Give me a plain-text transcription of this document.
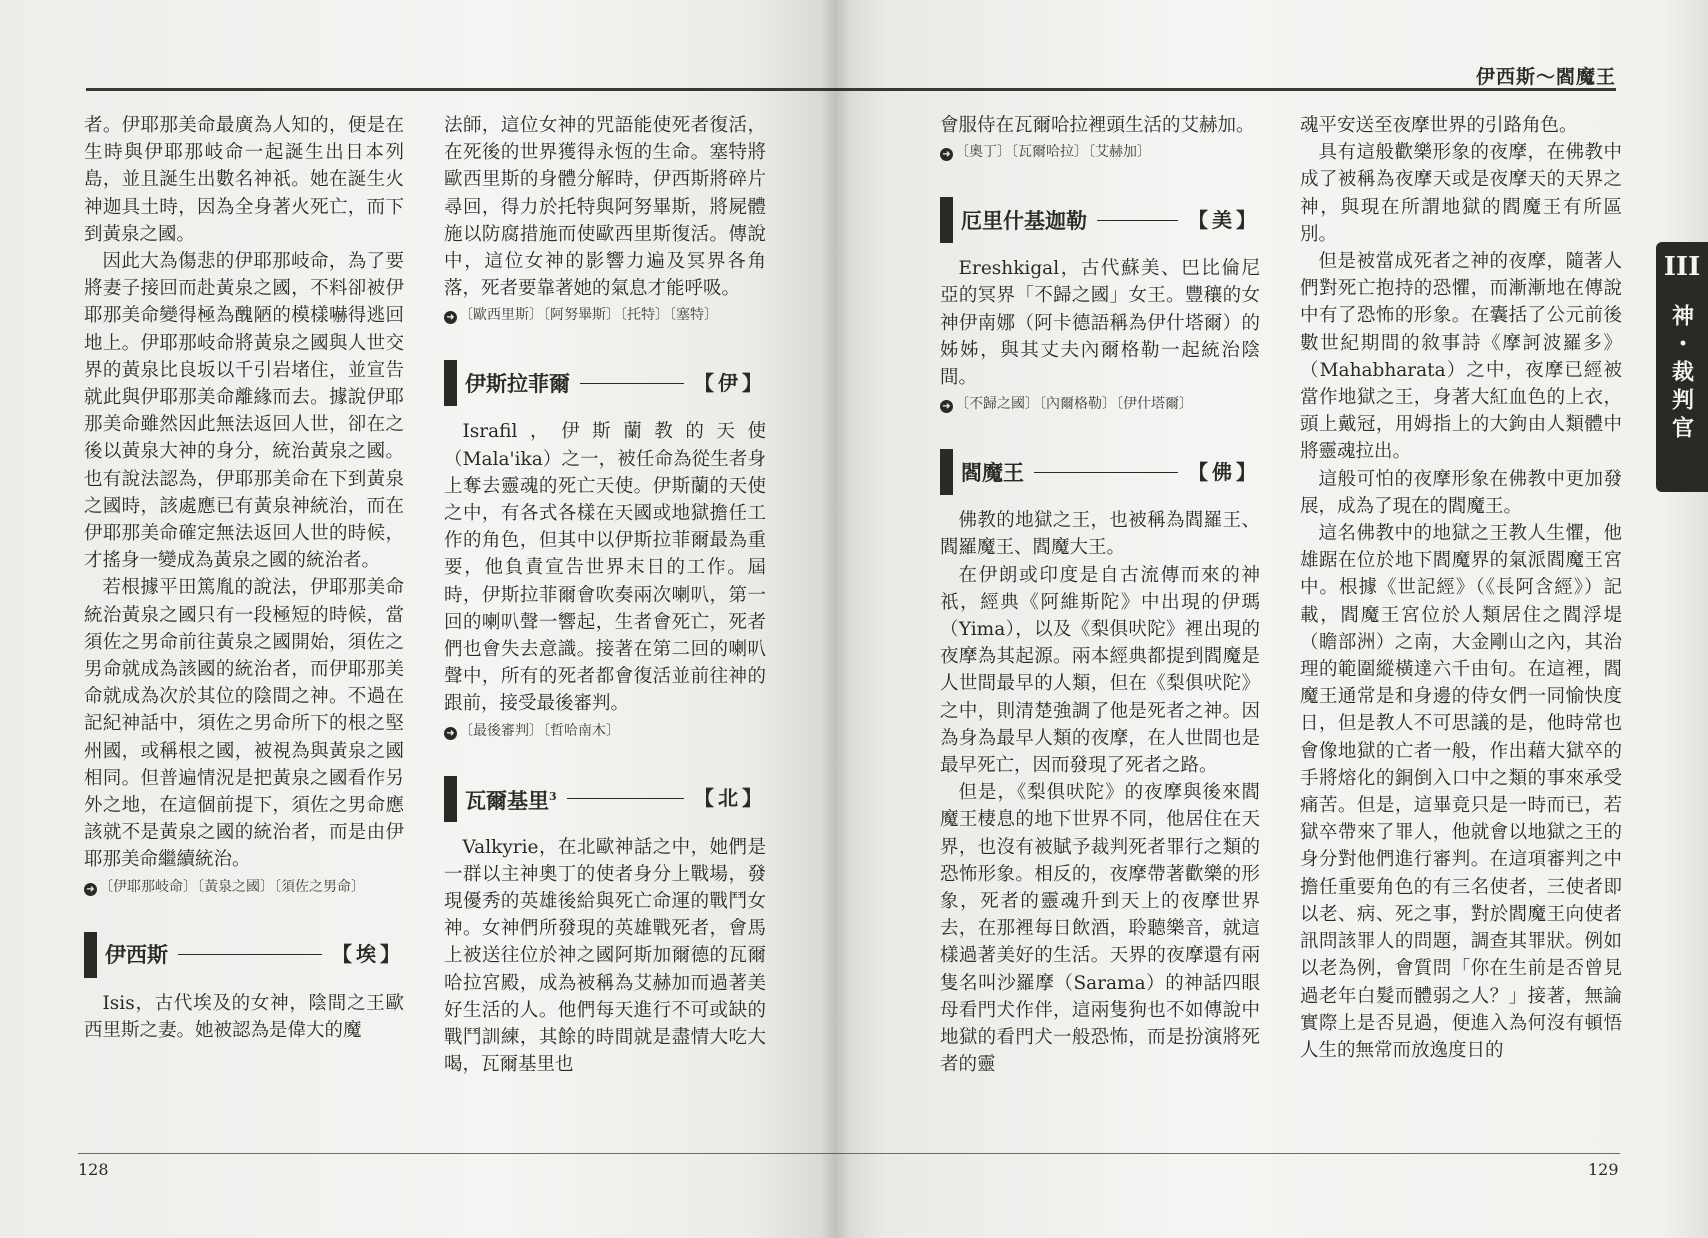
者。伊耶那美命最廣為人知的，便是在生時與伊耶那岐命一起誕生出日本列島，並且誕生出數名神祇。她在誕生火神迦具土時，因為全身著火死亡，而下到黃泉之國。

因此大為傷悲的伊耶那岐命，為了要將妻子接回而赴黃泉之國，不料卻被伊耶那美命變得極為醜陋的模樣嚇得逃回地上。伊耶那岐命將黃泉之國與人世交界的黃泉比良坂以千引岩堵住，並宣告就此與伊耶那美命離緣而去。據說伊耶那美命雖然因此無法返回人世，卻在之後以黃泉大神的身分，統治黃泉之國。也有說法認為，伊耶那美命在下到黃泉之國時，該處應已有黃泉神統治，而在伊耶那美命確定無法返回人世的時候，才搖身一變成為黃泉之國的統治者。

若根據平田篤胤的說法，伊耶那美命統治黃泉之國只有一段極短的時候，當須佐之男命前往黃泉之國開始，須佐之男命就成為該國的統治者，而伊耶那美命就成為次於其位的陰間之神。不過在記紀神話中，須佐之男命所下的根之堅州國，或稱根之國，被視為與黃泉之國相同。但普遍情況是把黃泉之國看作另外之地，在這個前提下，須佐之男命應該就不是黃泉之國的統治者，而是由伊耶那美命繼續統治。

➜ 〔 伊耶那岐命 〕 〔 黃泉之國 〕 〔 須佐之男命 〕
伊西斯	【埃】

Isis，古代埃及的女神，陰間之王歐西里斯之妻。她被認為是偉大的魔

法師，這位女神的咒語能使死者復活，在死後的世界獲得永恆的生命。塞特將歐西里斯的身體分解時，伊西斯將碎片尋回，得力於托特與阿努畢斯，將屍體施以防腐措施而使歐西里斯復活。傳說中，這位女神的影響力遍及冥界各角落，死者要靠著她的氣息才能呼吸。

➜ 〔 歐西里斯 〕 〔 阿努畢斯 〕 〔 托特 〕 〔 塞特 〕
伊斯拉菲爾	【伊】

Israfil，伊斯蘭教的天使（Mala'ika）之一，被任命為從生者身上奪去靈魂的死亡天使。伊斯蘭的天使之中，有各式各樣在天國或地獄擔任工作的角色，但其中以伊斯拉菲爾最為重要，他負責宣告世界末日的工作。屆時，伊斯拉菲爾會吹奏兩次喇叭，第一回的喇叭聲一響起，生者會死亡，死者們也會失去意識。接著在第二回的喇叭聲中，所有的死者都會復活並前往神的跟前，接受最後審判。

➜ 〔 最後審判 〕 〔 哲哈南木 〕
瓦爾基里$^3$	【北】

Valkyrie，在北歐神話之中，她們是一群以主神奧丁的使者身分上戰場，發現優秀的英雄後給與死亡命運的戰鬥女神。女神們所發現的英雄戰死者，會馬上被送往位於神之國阿斯加爾德的瓦爾哈拉宮殿，成為被稱為艾赫加而過著美好生活的人。他們每天進行不可或缺的戰鬥訓練，其餘的時間就是盡情大吃大喝，瓦爾基里也

128
伊西斯～閻魔王

會服侍在瓦爾哈拉裡頭生活的艾赫加。

➜ 〔 奧丁 〕 〔 瓦爾哈拉 〕 〔 艾赫加 〕
厄里什基迦勒	【美】

Ereshkigal，古代蘇美、巴比倫尼亞的冥界「不歸之國」女王。豐穰的女神伊南娜（阿卡德語稱為伊什塔爾）的姊姊，與其丈夫內爾格勒一起統治陰間。

➜ 〔 不歸之國 〕 〔 內爾格勒 〕 〔 伊什塔爾 〕
閻魔王	【佛】

佛教的地獄之王，也被稱為閻羅王、閻羅魔王、閻魔大王。

在伊朗或印度是自古流傳而來的神祇，經典《阿維斯陀》中出現的伊瑪（Yima），以及《梨俱吠陀》裡出現的夜摩為其起源。兩本經典都提到閻魔是人世間最早的人類，但在《梨俱吠陀》之中，則清楚強調了他是死者之神。因為身為最早人類的夜摩，在人世間也是最早死亡，因而發現了死者之路。

但是，《梨俱吠陀》的夜摩與後來閻魔王棲息的地下世界不同，他居住在天界，也沒有被賦予裁判死者罪行之類的恐怖形象。相反的，夜摩帶著歡樂的形象，死者的靈魂升到天上的夜摩世界去，在那裡每日飲酒，聆聽樂音，就這樣過著美好的生活。天界的夜摩還有兩隻名叫沙羅摩（Sarama）的神話四眼母看門犬作伴，這兩隻狗也不如傳說中地獄的看門犬一般恐怖，而是扮演將死者的靈

魂平安送至夜摩世界的引路角色。

具有這般歡樂形象的夜摩，在佛教中成了被稱為夜摩天或是夜摩天的天界之神，與現在所謂地獄的閻魔王有所區別。

但是被當成死者之神的夜摩，隨著人們對死亡抱持的恐懼，而漸漸地在傳說中有了恐怖的形象。在囊括了公元前後數世紀期間的敘事詩《摩訶波羅多》（Mahabharata）之中，夜摩已經被當作地獄之王，身著大紅血色的上衣，頭上戴冠，用姆指上的大鉤由人類體中將靈魂拉出。

這般可怕的夜摩形象在佛教中更加發展，成為了現在的閻魔王。

這名佛教中的地獄之王教人生懼，他雄踞在位於地下閻魔界的氣派閻魔王宮中。根據《世記經》（《長阿含經》）記載，閻魔王宮位於人類居住之閻浮堤（瞻部洲）之南，大金剛山之內，其治理的範圍縱橫達六千由旬。在這裡，閻魔王通常是和身邊的侍女們一同愉快度日，但是教人不可思議的是，他時常也會像地獄的亡者一般，作出藉大獄卒的手將熔化的銅倒入口中之類的事來承受痛苦。但是，這畢竟只是一時而已，若獄卒帶來了罪人，他就會以地獄之王的身分對他們進行審判。在這項審判之中擔任重要角色的有三名使者，三使者即以老、病、死之事，對於閻魔王向使者訊問該罪人的問題，調查其罪狀。例如以老為例，會質問「你在生前是否曾見過老年白髮而體弱之人？」接著，無論實際上是否見過，便進入為何沒有頓悟人生的無常而放逸度日的

III
神・裁判官
129
